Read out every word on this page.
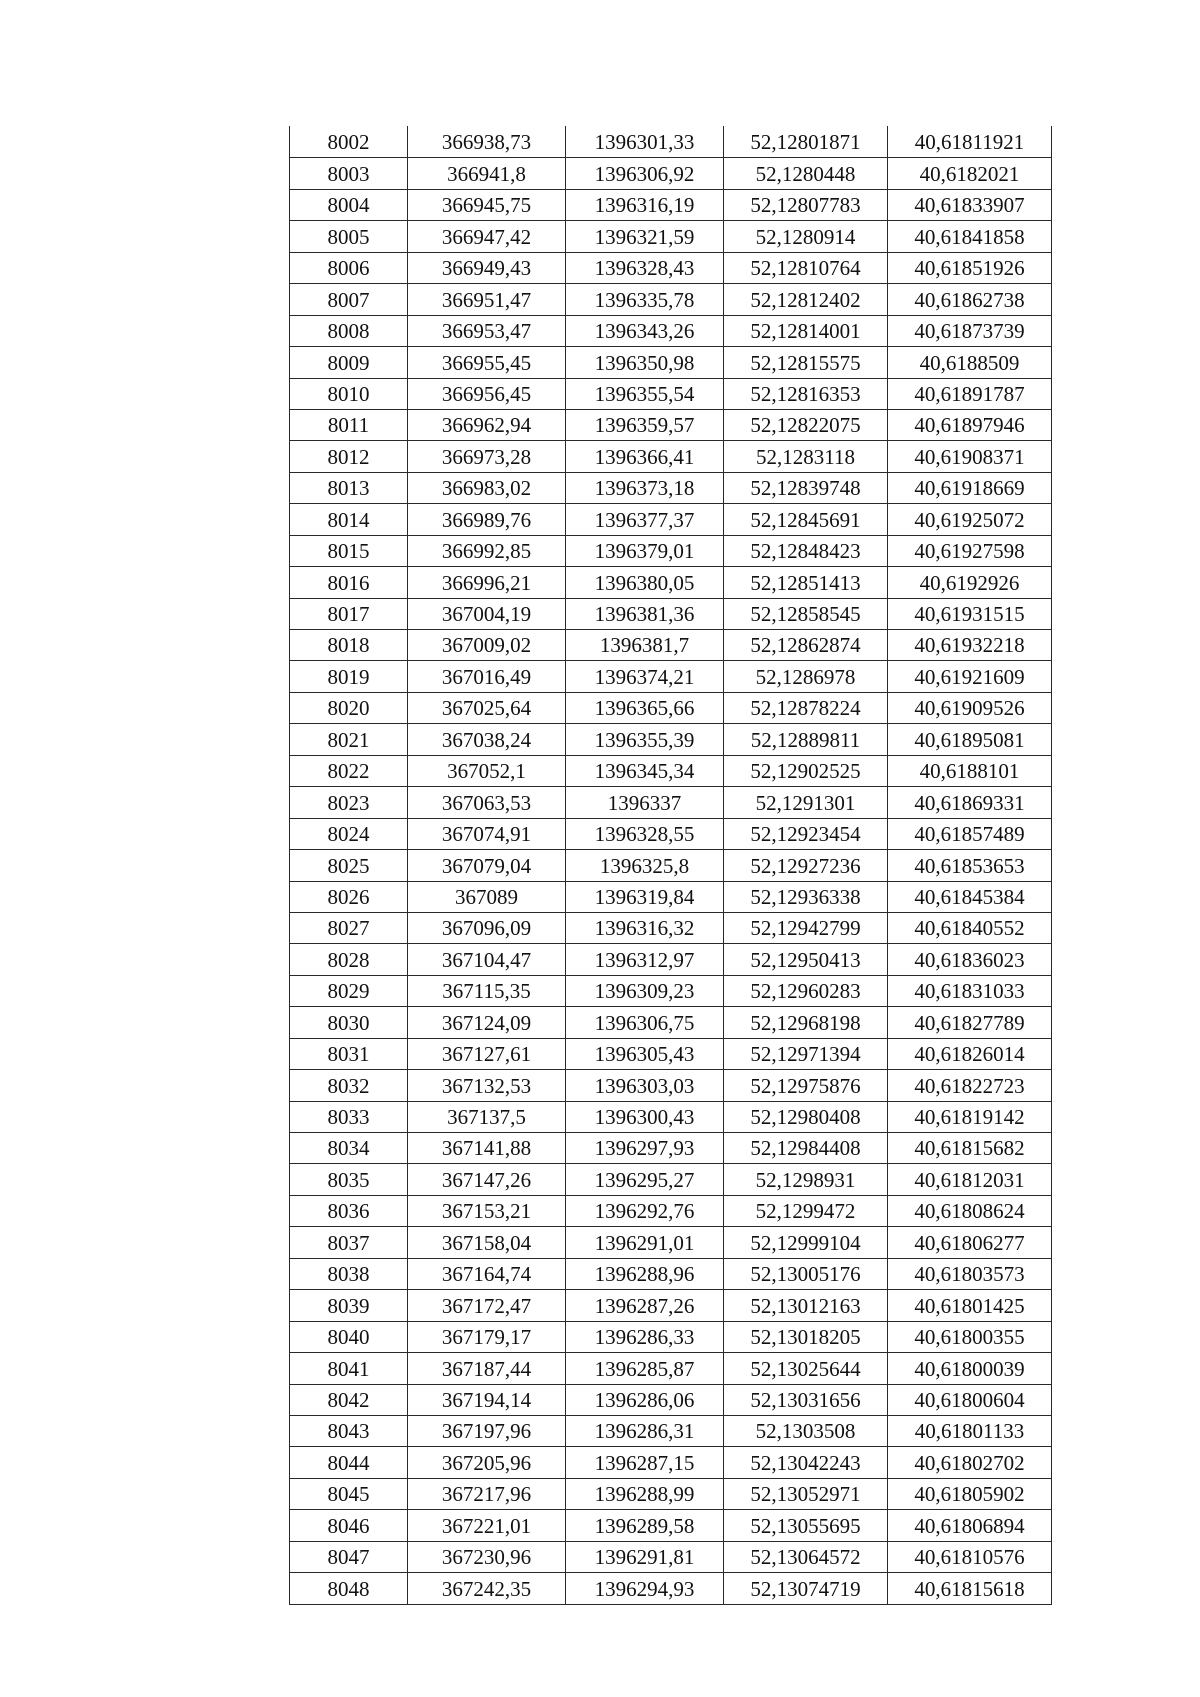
8002	366938,73	1396301,33	52,12801871	40,61811921
8003	366941,8	1396306,92	52,1280448	40,6182021
8004	366945,75	1396316,19	52,12807783	40,61833907
8005	366947,42	1396321,59	52,1280914	40,61841858
8006	366949,43	1396328,43	52,12810764	40,61851926
8007	366951,47	1396335,78	52,12812402	40,61862738
8008	366953,47	1396343,26	52,12814001	40,61873739
8009	366955,45	1396350,98	52,12815575	40,6188509
8010	366956,45	1396355,54	52,12816353	40,61891787
8011	366962,94	1396359,57	52,12822075	40,61897946
8012	366973,28	1396366,41	52,1283118	40,61908371
8013	366983,02	1396373,18	52,12839748	40,61918669
8014	366989,76	1396377,37	52,12845691	40,61925072
8015	366992,85	1396379,01	52,12848423	40,61927598
8016	366996,21	1396380,05	52,12851413	40,6192926
8017	367004,19	1396381,36	52,12858545	40,61931515
8018	367009,02	1396381,7	52,12862874	40,61932218
8019	367016,49	1396374,21	52,1286978	40,61921609
8020	367025,64	1396365,66	52,12878224	40,61909526
8021	367038,24	1396355,39	52,12889811	40,61895081
8022	367052,1	1396345,34	52,12902525	40,6188101
8023	367063,53	1396337	52,1291301	40,61869331
8024	367074,91	1396328,55	52,12923454	40,61857489
8025	367079,04	1396325,8	52,12927236	40,61853653
8026	367089	1396319,84	52,12936338	40,61845384
8027	367096,09	1396316,32	52,12942799	40,61840552
8028	367104,47	1396312,97	52,12950413	40,61836023
8029	367115,35	1396309,23	52,12960283	40,61831033
8030	367124,09	1396306,75	52,12968198	40,61827789
8031	367127,61	1396305,43	52,12971394	40,61826014
8032	367132,53	1396303,03	52,12975876	40,61822723
8033	367137,5	1396300,43	52,12980408	40,61819142
8034	367141,88	1396297,93	52,12984408	40,61815682
8035	367147,26	1396295,27	52,1298931	40,61812031
8036	367153,21	1396292,76	52,1299472	40,61808624
8037	367158,04	1396291,01	52,12999104	40,61806277
8038	367164,74	1396288,96	52,13005176	40,61803573
8039	367172,47	1396287,26	52,13012163	40,61801425
8040	367179,17	1396286,33	52,13018205	40,61800355
8041	367187,44	1396285,87	52,13025644	40,61800039
8042	367194,14	1396286,06	52,13031656	40,61800604
8043	367197,96	1396286,31	52,1303508	40,61801133
8044	367205,96	1396287,15	52,13042243	40,61802702
8045	367217,96	1396288,99	52,13052971	40,61805902
8046	367221,01	1396289,58	52,13055695	40,61806894
8047	367230,96	1396291,81	52,13064572	40,61810576
8048	367242,35	1396294,93	52,13074719	40,61815618
